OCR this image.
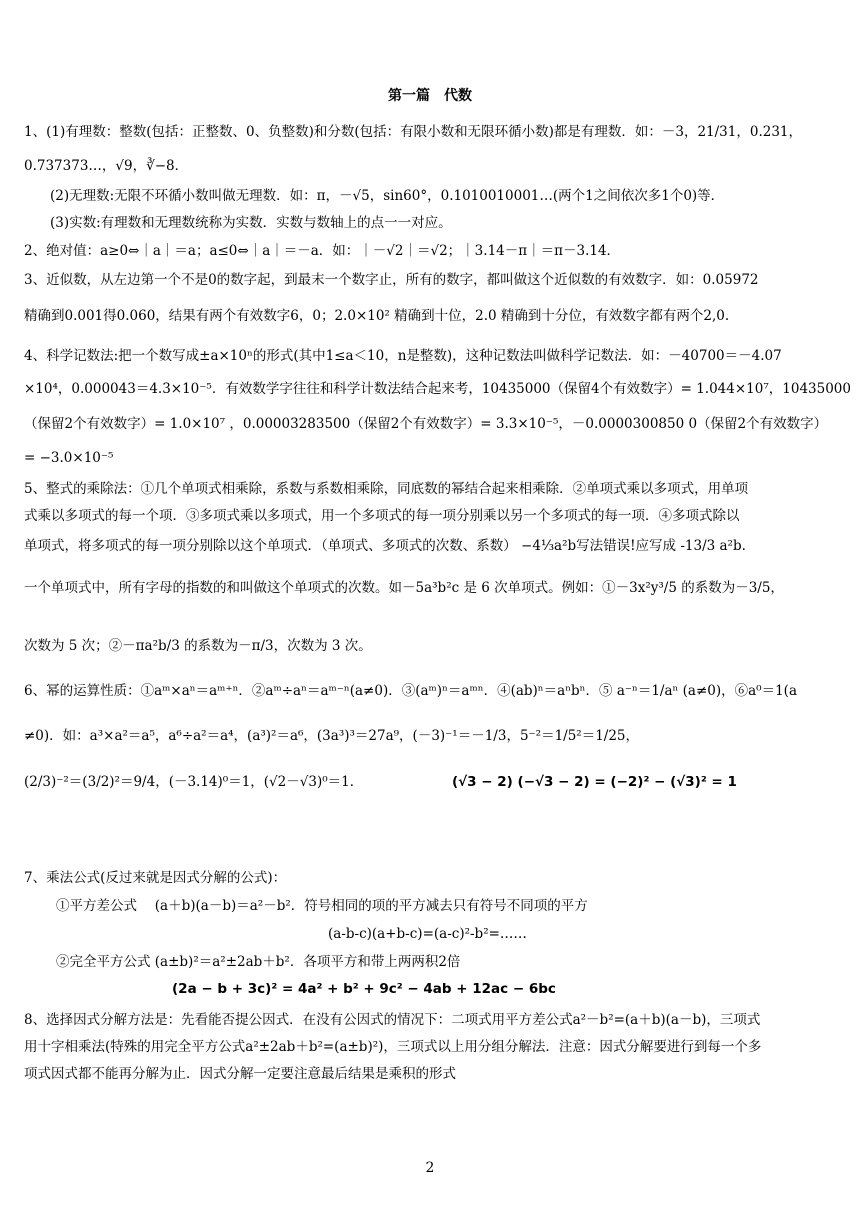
第一篇　代数
1、(1)有理数：整数(包括：正整数、0、负整数)和分数(包括：有限小数和无限环循小数)都是有理数．如：－3，21/31，0.231，
0.737373…，√9，∛−8．
(2)无理数:无限不环循小数叫做无理数．如：π，－√5，sin60°，0.1010010001…(两个1之间依次多1个0)等．
(3)实数:有理数和无理数统称为实数．实数与数轴上的点一一对应。
2、绝对值：a≥0⇔｜a｜＝a；a≤0⇔｜a｜＝－a．如：｜－√2｜＝√2；｜3.14－π｜＝π－3.14．
3、近似数，从左边第一个不是0的数字起，到最末一个数字止，所有的数字，都叫做这个近似数的有效数字．如：0.05972
精确到0.001得0.060，结果有两个有效数字6，0；2.0×10² 精确到十位，2.0 精确到十分位，有效数字都有两个2,0.
4、科学记数法:把一个数写成±a×10ⁿ的形式(其中1≤a＜10，n是整数)，这种记数法叫做科学记数法．如：－40700＝－4.07
×10⁴，0.000043＝4.3×10⁻⁵．有效数学字往往和科学计数法结合起来考，10435000（保留4个有效数字）= 1.044×10⁷，10435000
（保留2个有效数字）= 1.0×10⁷ ，0.00003283500（保留2个有效数字）= 3.3×10⁻⁵，－0.0000300850 0（保留2个有效数字）
= −3.0×10⁻⁵
5、整式的乘除法：①几个单项式相乘除，系数与系数相乘除，同底数的幂结合起来相乘除．②单项式乘以多项式，用单项
式乘以多项式的每一个项．③多项式乘以多项式，用一个多项式的每一项分别乘以另一个多项式的每一项．④多项式除以
单项式，将多项式的每一项分别除以这个单项式．（单项式、多项式的次数、系数） −4⅓a²b写法错误!应写成 -13/3 a²b.
一个单项式中，所有字母的指数的和叫做这个单项式的次数。如－5a³b²c 是 6 次单项式。例如：①－3x²y³/5 的系数为－3/5，
次数为 5 次；②－πa²b/3 的系数为－π/3，次数为 3 次。
6、幂的运算性质：①aᵐ×aⁿ＝aᵐ⁺ⁿ．②aᵐ÷aⁿ＝aᵐ⁻ⁿ(a≠0)．③(aᵐ)ⁿ＝aᵐⁿ．④(ab)ⁿ＝aⁿbⁿ．⑤ a⁻ⁿ＝1/aⁿ (a≠0)，⑥a⁰＝1(a
≠0)．如：a³×a²＝a⁵，a⁶÷a²＝a⁴，(a³)²＝a⁶，(3a³)³＝27a⁹，(－3)⁻¹＝－1/3，5⁻²＝1/5²＝1/25，
(2/3)⁻²＝(3/2)²＝9/4，(－3.14)⁰＝1，(√2－√3)⁰＝1．	(√3 − 2) (−√3 − 2) = (−2)² − (√3)² = 1
7、乘法公式(反过来就是因式分解的公式)：
①平方差公式　 (a＋b)(a－b)＝a²－b²．符号相同的项的平方减去只有符号不同项的平方
(a-b-c)(a+b-c)=(a-c)²-b²=……
②完全平方公式 (a±b)²＝a²±2ab＋b²．各项平方和带上两两积2倍
(2a − b + 3c)² = 4a² + b² + 9c² − 4ab + 12ac − 6bc
8、选择因式分解方法是：先看能否提公因式．在没有公因式的情况下：二项式用平方差公式a²－b²=(a＋b)(a－b)，三项式
用十字相乘法(特殊的用完全平方公式a²±2ab＋b²=(a±b)²)，三项式以上用分组分解法．注意：因式分解要进行到每一个多
项式因式都不能再分解为止．因式分解一定要注意最后结果是乘积的形式
2
